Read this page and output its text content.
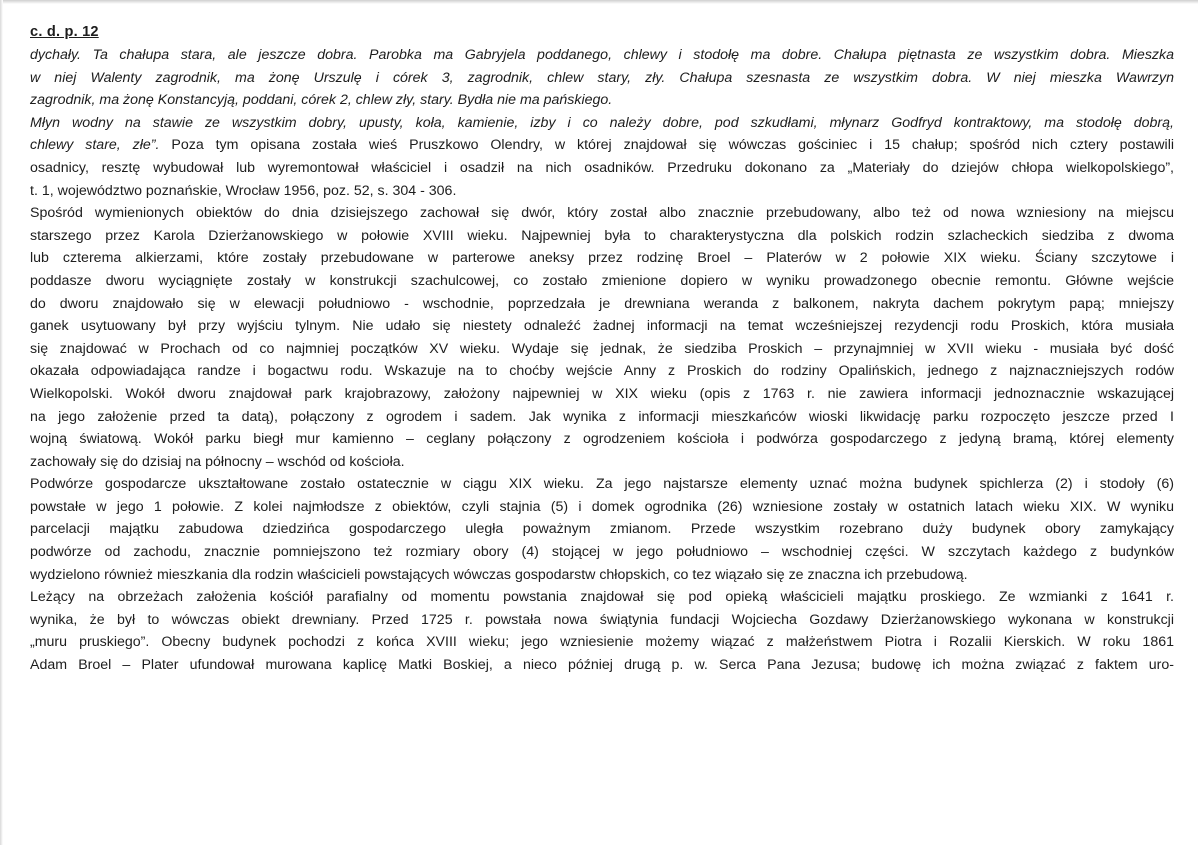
c. d. p. 12
dychały. Ta chałupa stara, ale jeszcze dobra. Parobka ma Gabryjela poddanego, chlewy i stodołę ma dobre. Chałupa piętnasta ze wszystkim dobra. Mieszka
w niej Walenty zagrodnik, ma żonę Urszulę i córek 3, zagrodnik, chlew stary, zły. Chałupa szesnasta ze wszystkim dobra. W niej mieszka Wawrzyn
zagrodnik, ma żonę Konstancyją, poddani, córek 2, chlew zły, stary. Bydła nie ma pańskiego.
Młyn wodny na stawie ze wszystkim dobry, upusty, koła, kamienie, izby i co należy dobre, pod szkudłami, młynarz Godfryd kontraktowy, ma stodołę dobrą,
chlewy stare, złe”. Poza tym opisana została wieś Pruszkowo Olendry, w której znajdował się wówczas gościniec i 15 chałup; spośród nich cztery postawili
osadnicy, resztę wybudował lub wyremontował właściciel i osadził na nich osadników. Przedruku dokonano za „Materiały do dziejów chłopa wielkopolskiego”,
t. 1, województwo poznańskie, Wrocław 1956, poz. 52, s. 304 - 306.
Spośród wymienionych obiektów do dnia dzisiejszego zachował się dwór, który został albo znacznie przebudowany, albo też od nowa wzniesiony na miejscu
starszego przez Karola Dzierżanowskiego w połowie XVIII wieku. Najpewniej była to charakterystyczna dla polskich rodzin szlacheckich siedziba z dwoma
lub czterema alkierzami, które zostały przebudowane w parterowe aneksy przez rodzinę Broel – Platerów w 2 połowie XIX wieku. Ściany szczytowe i
poddasze dworu wyciągnięte zostały w konstrukcji szachulcowej, co zostało zmienione dopiero w wyniku prowadzonego obecnie remontu. Główne wejście
do dworu znajdowało się w elewacji południowo - wschodnie, poprzedzała je drewniana weranda z balkonem, nakryta dachem pokrytym papą; mniejszy
ganek usytuowany był przy wyjściu tylnym. Nie udało się niestety odnaleźć żadnej informacji na temat wcześniejszej rezydencji rodu Proskich, która musiała
się znajdować w Prochach od co najmniej początków XV wieku. Wydaje się jednak, że siedziba Proskich – przynajmniej w XVII wieku - musiała być dość
okazała odpowiadająca randze i bogactwu rodu. Wskazuje na to choćby wejście Anny z Proskich do rodziny Opalińskich, jednego z najznaczniejszych rodów
Wielkopolski. Wokół dworu znajdował park krajobrazowy, założony najpewniej w XIX wieku (opis z 1763 r. nie zawiera informacji jednoznacznie wskazującej
na jego założenie przed ta datą), połączony z ogrodem i sadem. Jak wynika z informacji mieszkańców wioski likwidację parku rozpoczęto jeszcze przed I
wojną światową. Wokół parku biegł mur kamienno – ceglany połączony z ogrodzeniem kościoła i podwórza gospodarczego z jedyną bramą, której elementy
zachowały się do dzisiaj na północny – wschód od kościoła.
Podwórze gospodarcze ukształtowane zostało ostatecznie w ciągu XIX wieku. Za jego najstarsze elementy uznać można budynek spichlerza (2) i stodoły (6)
powstałe w jego 1 połowie. Z kolei najmłodsze z obiektów, czyli stajnia (5) i domek ogrodnika (26) wzniesione zostały w ostatnich latach wieku XIX. W wyniku
parcelacji majątku zabudowa dziedzińca gospodarczego uległa poważnym zmianom. Przede wszystkim rozebrano duży budynek obory zamykający
podwórze od zachodu, znacznie pomniejszono też rozmiary obory (4) stojącej w jego południowo – wschodniej części. W szczytach każdego z budynków
wydzielono również mieszkania dla rodzin właścicieli powstających wówczas gospodarstw chłopskich, co tez wiązało się ze znaczna ich przebudową.
Leżący na obrzeżach założenia kościół parafialny od momentu powstania znajdował się pod opieką właścicieli majątku proskiego. Ze wzmianki z 1641 r.
wynika, że był to wówczas obiekt drewniany. Przed 1725 r. powstała nowa świątynia fundacji Wojciecha Gozdawy Dzierżanowskiego wykonana w konstrukcji
„muru pruskiego”. Obecny budynek pochodzi z końca XVIII wieku; jego wzniesienie możemy wiązać z małżeństwem Piotra i Rozalii Kierskich. W roku 1861
Adam Broel – Plater ufundował murowana kaplicę Matki Boskiej, a nieco później drugą p. w. Serca Pana Jezusa; budowę ich można związać z faktem uro-
